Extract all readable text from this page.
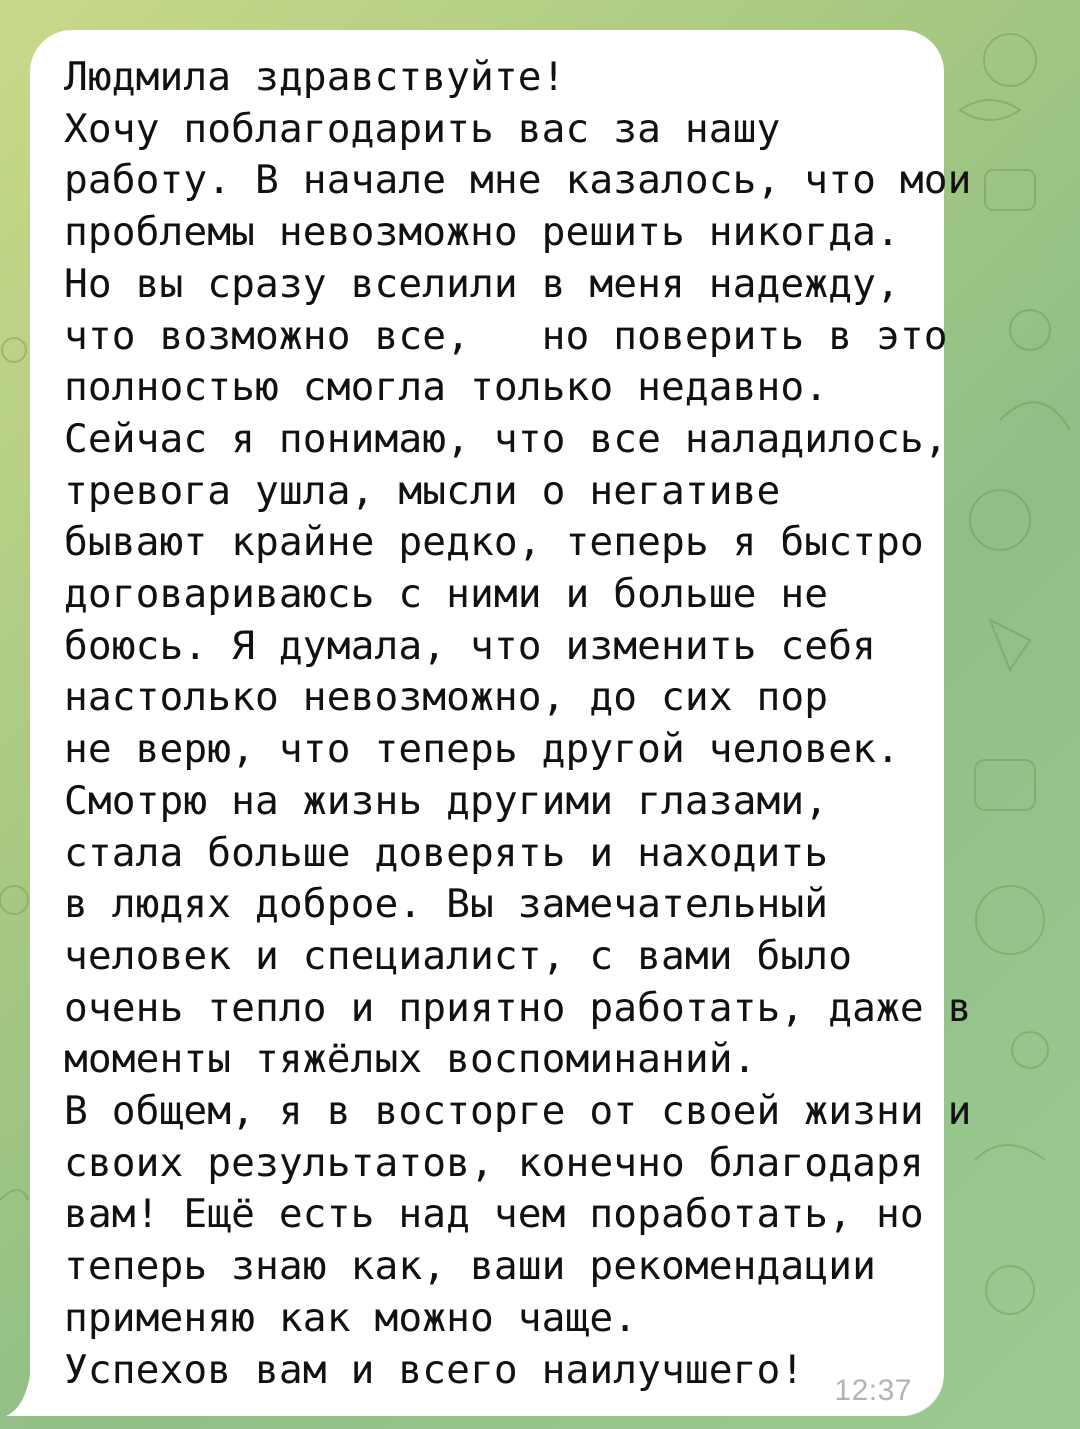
Людмила здравствуйте!
Хочу поблагодарить вас за нашу
работу. В начале мне казалось, что мои
проблемы невозможно решить никогда.
Но вы сразу вселили в меня надежду,
что возможно все,   но поверить в это
полностью смогла только недавно.
Сейчас я понимаю, что все наладилось,
тревога ушла, мысли о негативе
бывают крайне редко, теперь я быстро
договариваюсь с ними и больше не
боюсь. Я думала, что изменить себя
настолько невозможно, до сих пор
не верю, что теперь другой человек.
Смотрю на жизнь другими глазами,
стала больше доверять и находить
в людях доброе. Вы замечательный
человек и специалист, с вами было
очень тепло и приятно работать, даже в
моменты тяжёлых воспоминаний.
В общем, я в восторге от своей жизни и
своих результатов, конечно благодаря
вам! Ещё есть над чем поработать, но
теперь знаю как, ваши рекомендации
применяю как можно чаще.
Успехов вам и всего наилучшего!	12:37
